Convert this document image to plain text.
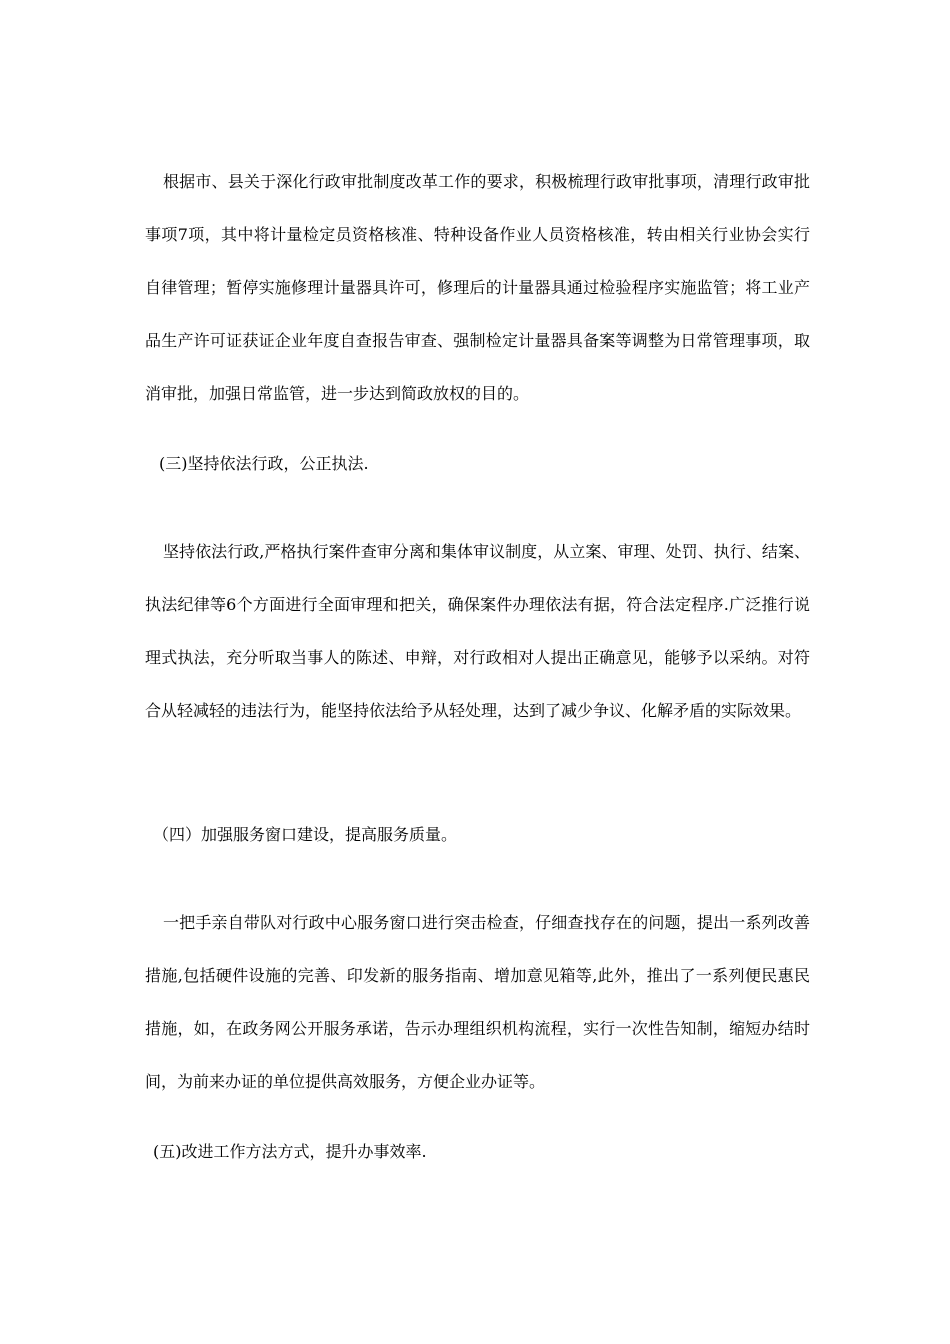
根据市、县关于深化行政审批制度改革工作的要求，积极梳理行政审批事项，清理行政审批事项7项，其中将计量检定员资格核准、特种设备作业人员资格核准，转由相关行业协会实行自律管理；暂停实施修理计量器具许可，修理后的计量器具通过检验程序实施监管；将工业产品生产许可证获证企业年度自查报告审查、强制检定计量器具备案等调整为日常管理事项，取消审批，加强日常监管，进一步达到简政放权的目的。

(三)坚持依法行政，公正执法.

坚持依法行政,严格执行案件查审分离和集体审议制度，从立案、审理、处罚、执行、结案、执法纪律等6个方面进行全面审理和把关，确保案件办理依法有据，符合法定程序.广泛推行说理式执法，充分听取当事人的陈述、申辩，对行政相对人提出正确意见，能够予以采纳。对符合从轻减轻的违法行为，能坚持依法给予从轻处理，达到了减少争议、化解矛盾的实际效果。

（四）加强服务窗口建设，提高服务质量。

一把手亲自带队对行政中心服务窗口进行突击检查，仔细查找存在的问题，提出一系列改善措施,包括硬件设施的完善、印发新的服务指南、增加意见箱等,此外，推出了一系列便民惠民措施，如，在政务网公开服务承诺，告示办理组织机构流程，实行一次性告知制，缩短办结时间，为前来办证的单位提供高效服务，方便企业办证等。

(五)改进工作方法方式，提升办事效率.
